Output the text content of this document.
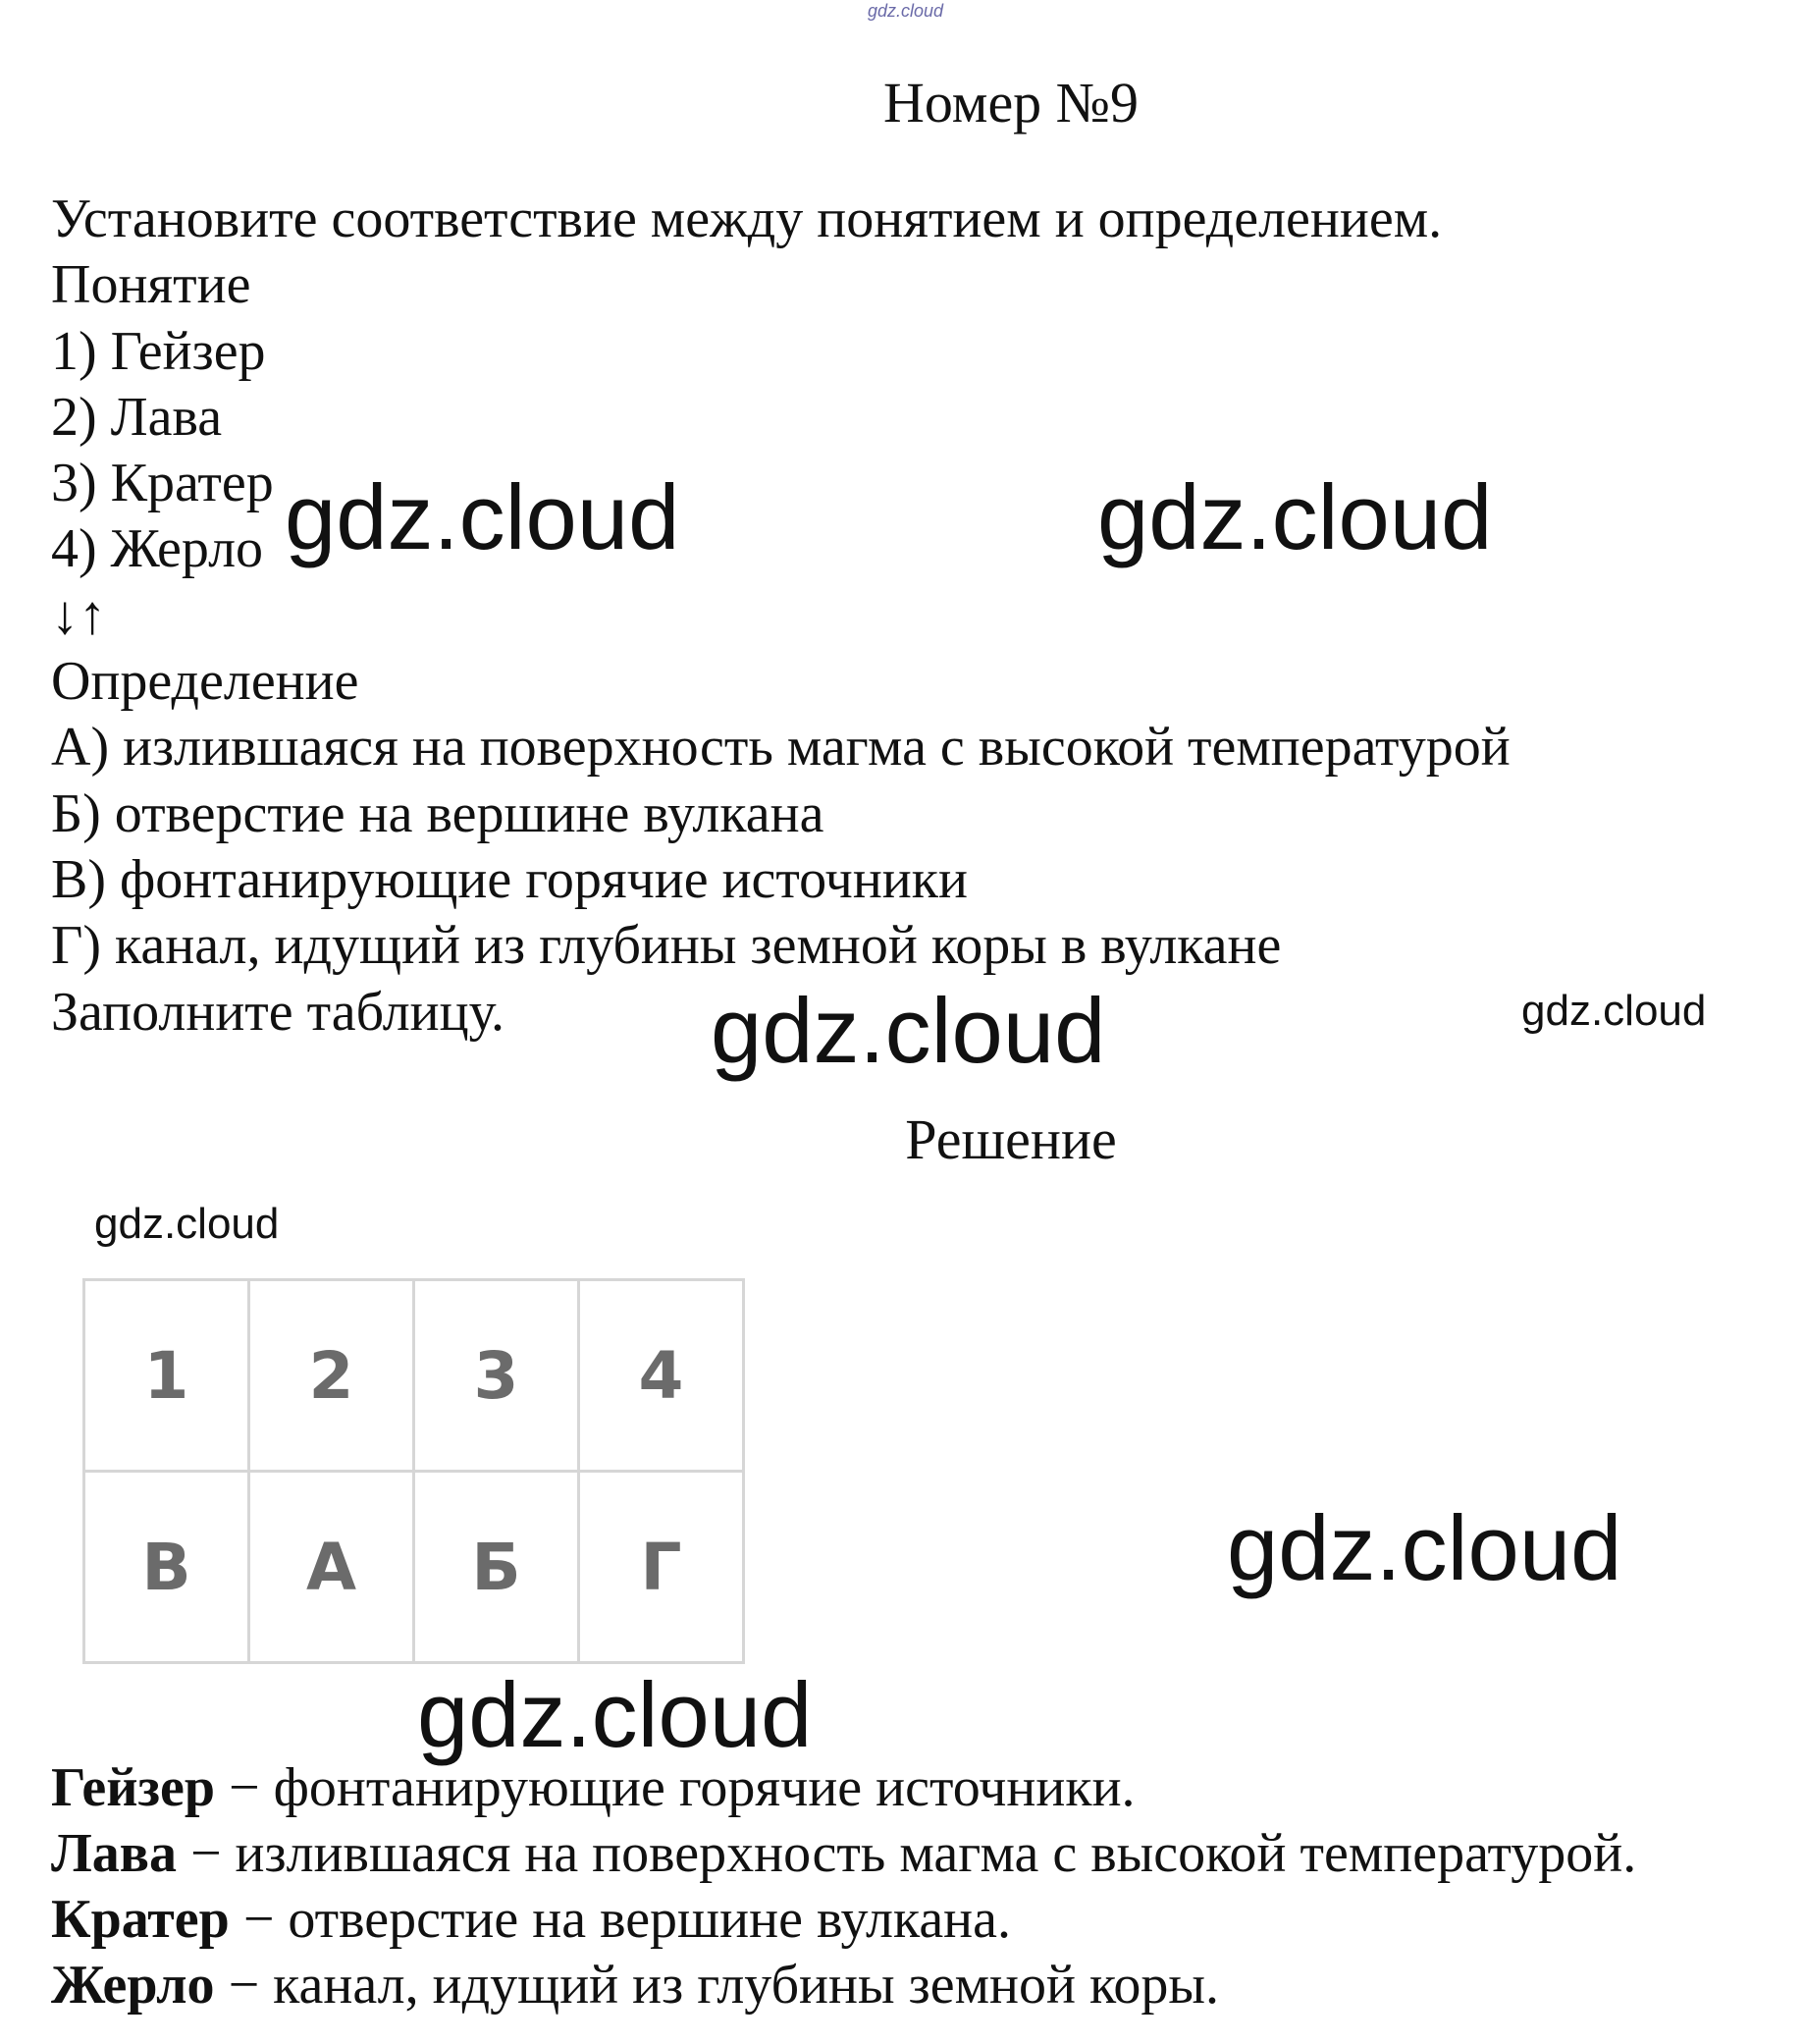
gdz.cloud
Номер №9
Установите соответствие между понятием и определением.
Понятие
1) Гейзер
2) Лава
3) Кратер
4) Жерло
↓↑
Определение
А) излившаяся на поверхность магма с высокой температурой
Б) отверстие на вершине вулкана
В) фонтанирующие горячие источники
Г) канал, идущий из глубины земной коры в вулкане
Заполните таблицу.
Решение
1	2	3	4
В	А	Б	Г
Гейзер − фонтанирующие горячие источники.
Лава − излившаяся на поверхность магма с высокой температурой.
Кратер − отверстие на вершине вулкана.
Жерло − канал, идущий из глубины земной коры.
gdz.cloud	gdz.cloud
gdz.cloud	gdz.cloud
gdz.cloud
gdz.cloud
gdz.cloud
